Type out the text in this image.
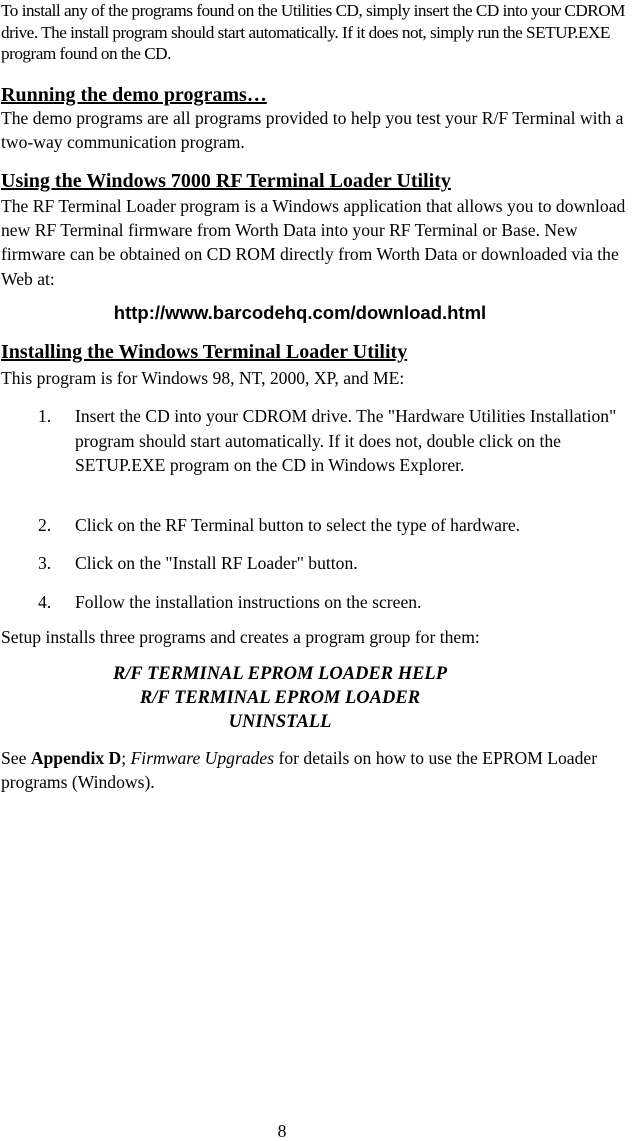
To install any of the programs found on the Utilities CD, simply insert the CD into your CDROM drive. The install program should start automatically. If it does not, simply run the SETUP.EXE program found on the CD.

Running the demo programs…

The demo programs are all programs provided to help you test your R/F Terminal with a two-way communication program.

Using the Windows 7000 RF Terminal Loader Utility

The RF Terminal Loader program is a Windows application that allows you to download new RF Terminal firmware from Worth Data into your RF Terminal or Base. New firmware can be obtained on CD ROM directly from Worth Data or downloaded via the Web at:

http://www.barcodehq.com/download.html

Installing the Windows Terminal Loader Utility

This program is for Windows 98, NT, 2000, XP, and ME:

1. Insert the CD into your CDROM drive. The "Hardware Utilities Installation" program should start automatically. If it does not, double click on the SETUP.EXE program on the CD in Windows Explorer.
2. Click on the RF Terminal button to select the type of hardware.
3. Click on the "Install RF Loader" button.
4. Follow the installation instructions on the screen.

Setup installs three programs and creates a program group for them:

R/F TERMINAL EPROM LOADER HELP

R/F TERMINAL EPROM LOADER

UNINSTALL

See Appendix D; Firmware Upgrades for details on how to use the EPROM Loader programs (Windows).

8
